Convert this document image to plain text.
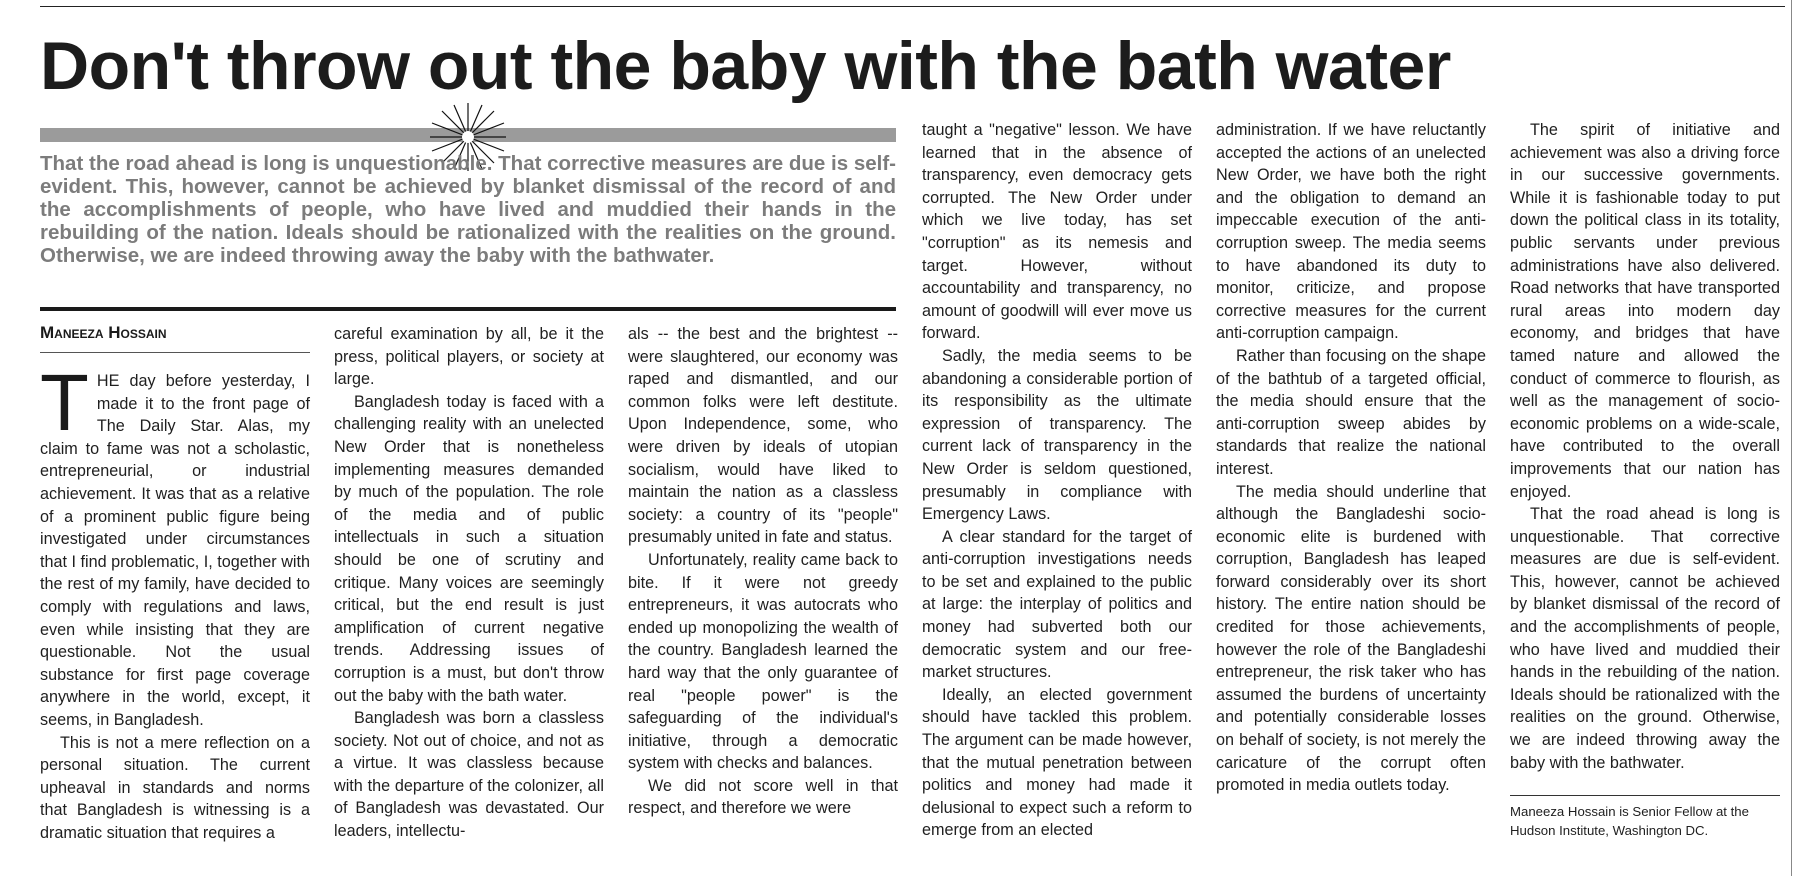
Don't throw out the baby with the bath water

That the road ahead is long is unquestionable. That corrective measures are due is self-evident. This, however, cannot be achieved by blanket dismissal of the record of and the accomplishments of people, who have lived and muddied their hands in the rebuilding of the nation. Ideals should be rationalized with the realities on the ground. Otherwise, we are indeed throwing away the baby with the bathwater.

Maneeza Hossain

THE day before yesterday, I made it to the front page of The Daily Star. Alas, my claim to fame was not a scholastic, entrepreneurial, or industrial achievement. It was that as a relative of a prominent public figure being investigated under circumstances that I find problematic, I, together with the rest of my family, have decided to comply with regulations and laws, even while insisting that they are questionable. Not the usual substance for first page coverage anywhere in the world, except, it seems, in Bangladesh.

This is not a mere reflection on a personal situation. The current upheaval in standards and norms that Bangladesh is witnessing is a dramatic situation that requires a

careful examination by all, be it the press, political players, or society at large.

Bangladesh today is faced with a challenging reality with an unelected New Order that is nonetheless implementing measures demanded by much of the population. The role of the media and of public intellectuals in such a situation should be one of scrutiny and critique. Many voices are seemingly critical, but the end result is just amplification of current negative trends. Addressing issues of corruption is a must, but don't throw out the baby with the bath water.

Bangladesh was born a classless society. Not out of choice, and not as a virtue. It was classless because with the departure of the colonizer, all of Bangladesh was devastated. Our leaders, intellectu-

als -- the best and the brightest -- were slaughtered, our economy was raped and dismantled, and our common folks were left destitute. Upon Independence, some, who were driven by ideals of utopian socialism, would have liked to maintain the nation as a classless society: a country of its "people" presumably united in fate and status.

Unfortunately, reality came back to bite. If it were not greedy entrepreneurs, it was autocrats who ended up monopolizing the wealth of the country. Bangladesh learned the hard way that the only guarantee of real "people power" is the safeguarding of the individual's initiative, through a democratic system with checks and balances.

We did not score well in that respect, and therefore we were

taught a "negative" lesson. We have learned that in the absence of transparency, even democracy gets corrupted. The New Order under which we live today, has set "corruption" as its nemesis and target. However, without accountability and transparency, no amount of goodwill will ever move us forward.

Sadly, the media seems to be abandoning a considerable portion of its responsibility as the ultimate expression of transparency. The current lack of transparency in the New Order is seldom questioned, presumably in compliance with Emergency Laws.

A clear standard for the target of anti-corruption investigations needs to be set and explained to the public at large: the interplay of politics and money had subverted both our democratic system and our free-market structures.

Ideally, an elected government should have tackled this problem. The argument can be made however, that the mutual penetration between politics and money had made it delusional to expect such a reform to emerge from an elected

administration. If we have reluctantly accepted the actions of an unelected New Order, we have both the right and the obligation to demand an impeccable execution of the anti-corruption sweep. The media seems to have abandoned its duty to monitor, criticize, and propose corrective measures for the current anti-corruption campaign.

Rather than focusing on the shape of the bathtub of a targeted official, the media should ensure that the anti-corruption sweep abides by standards that realize the national interest.

The media should underline that although the Bangladeshi socio-economic elite is burdened with corruption, Bangladesh has leaped forward considerably over its short history. The entire nation should be credited for those achievements, however the role of the Bangladeshi entrepreneur, the risk taker who has assumed the burdens of uncertainty and potentially considerable losses on behalf of society, is not merely the caricature of the corrupt often promoted in media outlets today.

The spirit of initiative and achievement was also a driving force in our successive governments. While it is fashionable today to put down the political class in its totality, public servants under previous administrations have also delivered. Road networks that have transported rural areas into modern day economy, and bridges that have tamed nature and allowed the conduct of commerce to flourish, as well as the management of socio-economic problems on a wide-scale, have contributed to the overall improvements that our nation has enjoyed.

That the road ahead is long is unquestionable. That corrective measures are due is self-evident. This, however, cannot be achieved by blanket dismissal of the record of and the accomplishments of people, who have lived and muddied their hands in the rebuilding of the nation. Ideals should be rationalized with the realities on the ground. Otherwise, we are indeed throwing away the baby with the bathwater.

Maneeza Hossain is Senior Fellow at the Hudson Institute, Washington DC.
